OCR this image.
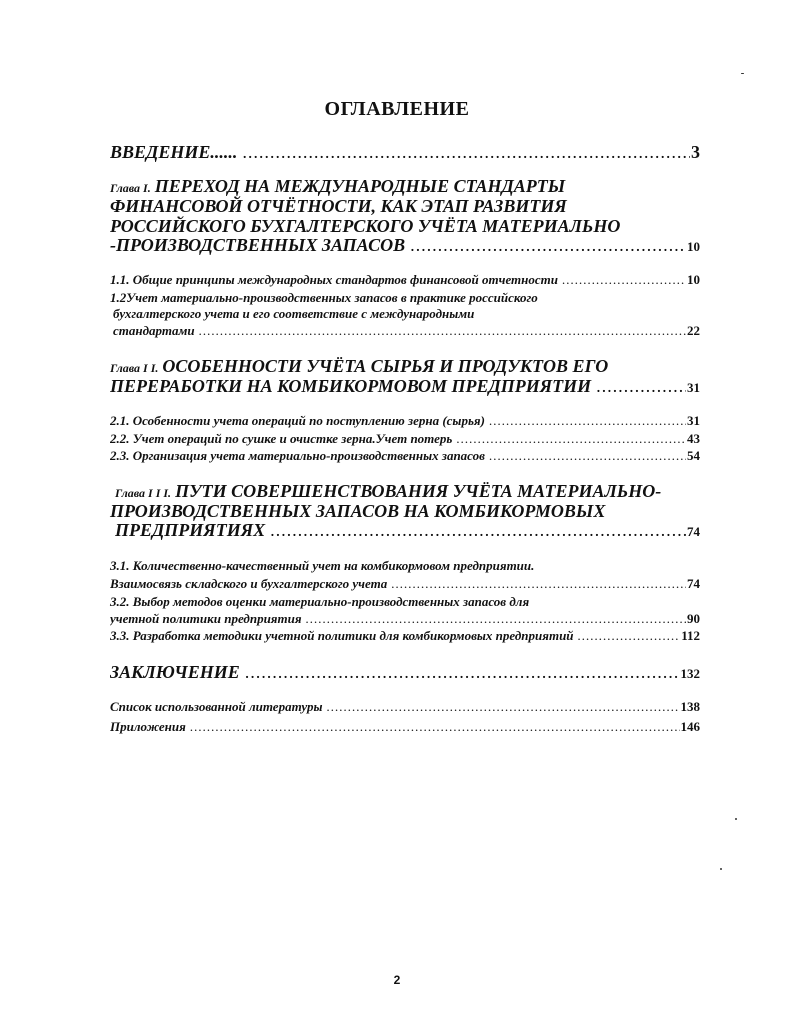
ОГЛАВЛЕНИЕ
ВВЕДЕНИЕ...... .....	3
Глава I. ПЕРЕХОД НА МЕЖДУНАРОДНЫЕ СТАНДАРТЫ
ФИНАНСОВОЙ ОТЧЁТНОСТИ, КАК ЭТАП РАЗВИТИЯ
РОССИЙСКОГО БУХГАЛТЕРСКОГО УЧЁТА МАТЕРИАЛЬНО
-ПРОИЗВОДСТВЕННЫХ ЗАПАСОВ .....	10
1.1. Общие принципы международных стандартов финансовой отчетности .....	10
1.2Учет материально-производственных запасов в практике российского
бухгалтерского учета и его соответствие с международными
стандартами .....	22
Глава I I. ОСОБЕННОСТИ УЧЁТА СЫРЬЯ И ПРОДУКТОВ ЕГО
ПЕРЕРАБОТКИ НА КОМБИКОРМОВОМ ПРЕДПРИЯТИИ .....	31
2.1. Особенности учета операций по поступлению зерна (сырья) .....	31
2.2. Учет операций по сушке и очистке зерна.Учет потерь .....	43
2.3. Организация учета материально-производственных запасов .....	54
Глава I I I. ПУТИ СОВЕРШЕНСТВОВАНИЯ УЧЁТА МАТЕРИАЛЬНО-
ПРОИЗВОДСТВЕННЫХ ЗАПАСОВ НА КОМБИКОРМОВЫХ
ПРЕДПРИЯТИЯХ .....	74
3.1. Количественно-качественный учет на комбикормовом предприятии.
Взаимосвязь складского и бухгалтерского учета .....	74
3.2. Выбор методов оценки материально-производственных запасов для
учетной политики предприятия .....	90
3.3. Разработка методики учетной политики для комбикормовых предприятий .....	112
ЗАКЛЮЧЕНИЕ .....	132
Список использованной литературы .....	138
Приложения .....	146
2
